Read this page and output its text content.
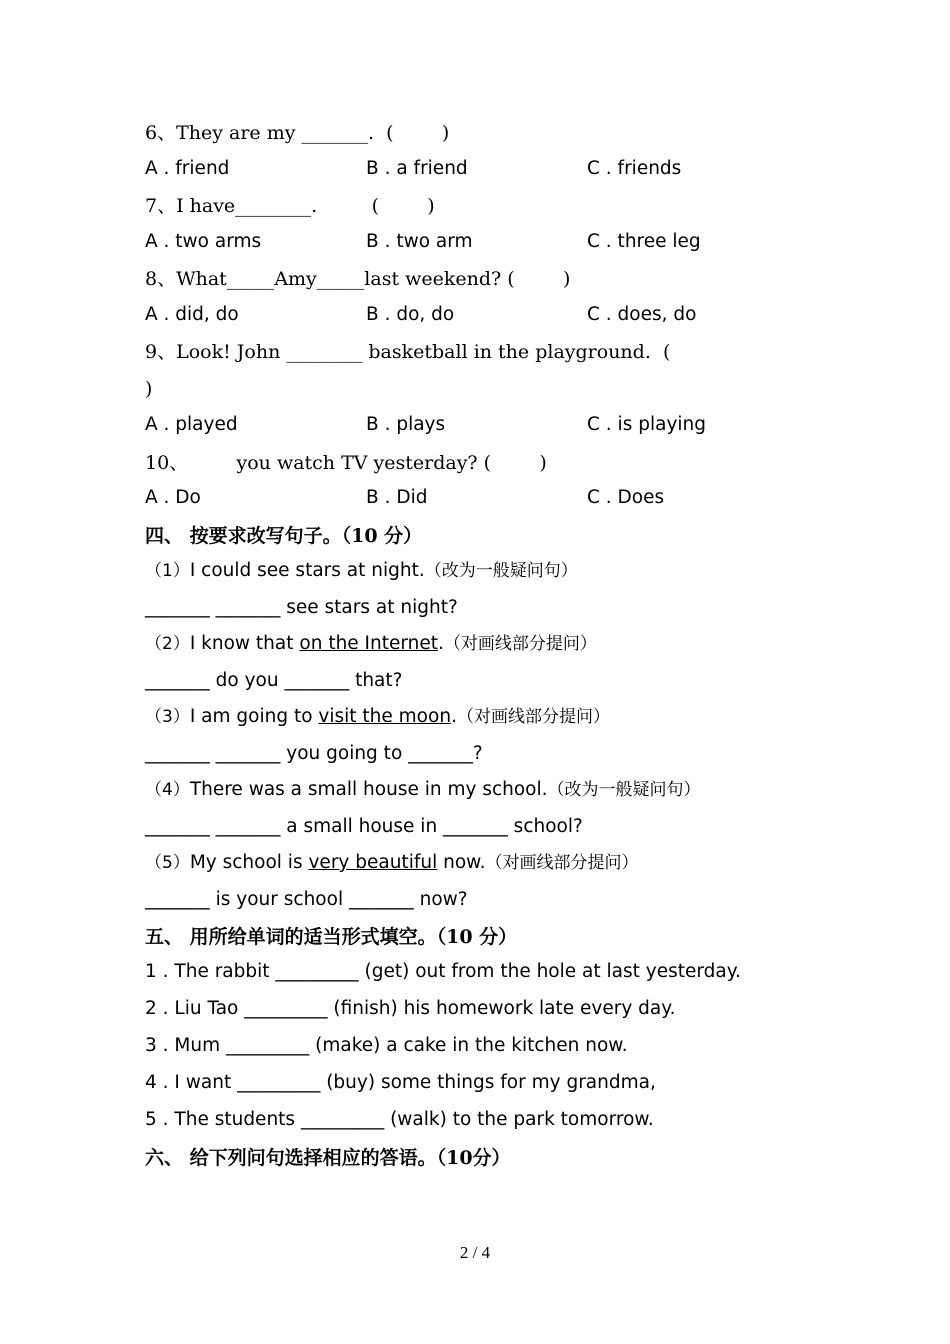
6、They are my _______.  (        )
A . friend	B . a friend	C . friends
7、I have________.         (        )
A . two arms	B . two arm	C . three leg
8、What_____Amy_____last weekend? (        )
A . did, do	B . do, do	C . does, do
9、Look! John ________ basketball in the playground.  (
)
A . played	B . plays	C . is playing
10、        you watch TV yesterday? (        )
A . Do	B . Did	C . Does
四、 按要求改写句子。（10 分）
（1）I could see stars at night.（改为一般疑问句）
_______ _______ see stars at night?
（2）I know that on the Internet.（对画线部分提问）
_______ do you _______ that?
（3）I am going to visit the moon.（对画线部分提问）
_______ _______ you going to _______?
（4）There was a small house in my school.（改为一般疑问句）
_______ _______ a small house in _______ school?
（5）My school is very beautiful now.（对画线部分提问）
_______ is your school _______ now?
五、 用所给单词的适当形式填空。（10 分）
1 . The rabbit _________ (get) out from the hole at last yesterday.
2 . Liu Tao _________ (finish) his homework late every day.
3 . Mum _________ (make) a cake in the kitchen now.
4 . I want _________ (buy) some things for my grandma,
5 . The students _________ (walk) to the park tomorrow.
六、 给下列问句选择相应的答语。（10分）
2 / 4
